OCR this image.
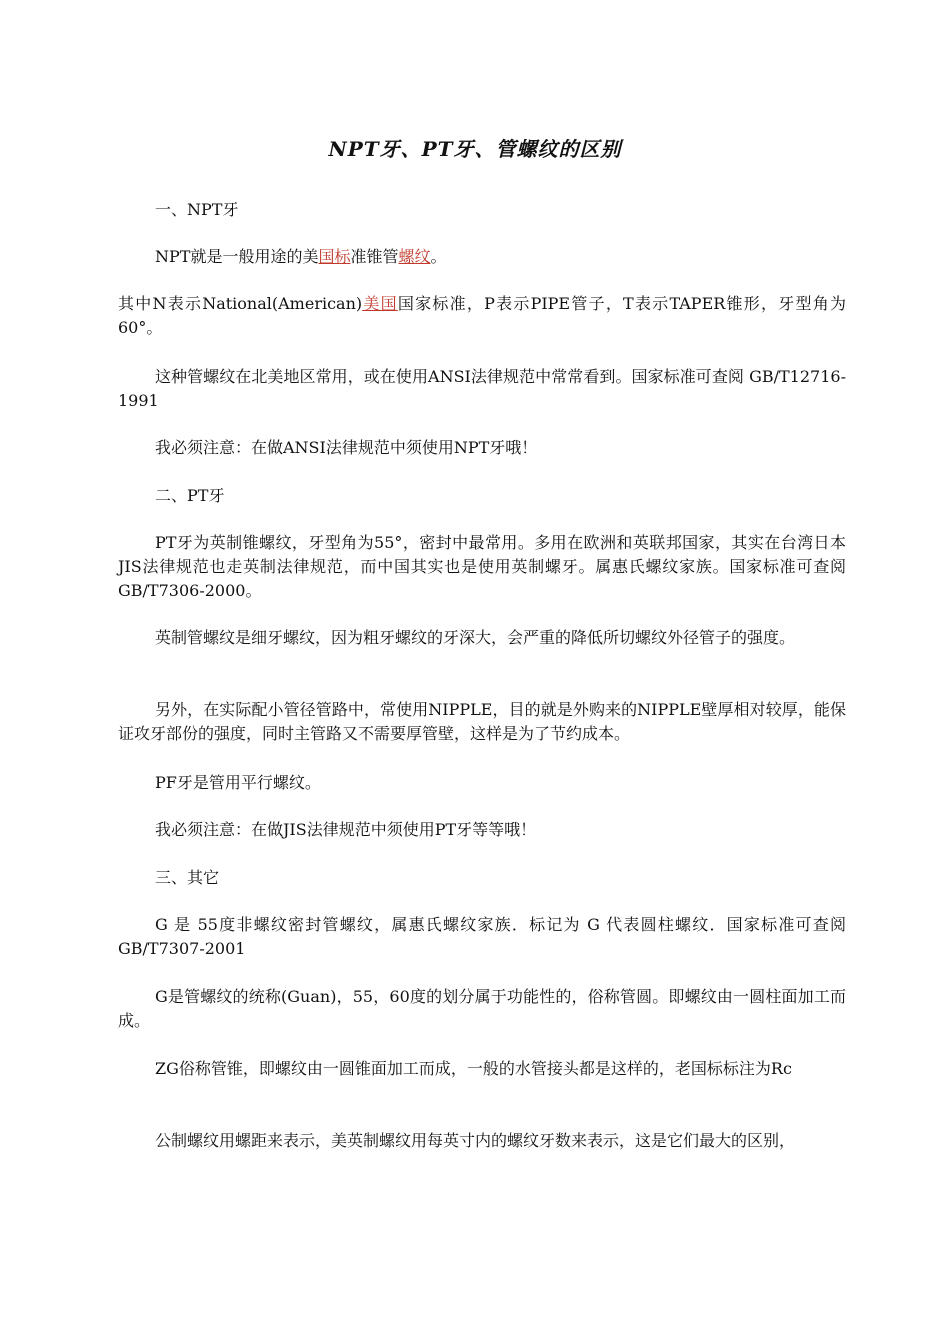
NPT牙、PT牙、管螺纹的区别
一、NPT牙
NPT就是一般用途的美国标准锥管螺纹。
其中N表示National(American)美国国家标准，P表示PIPE管子，T表示TAPER锥形，牙型角为60°。
这种管螺纹在北美地区常用，或在使用ANSI法律规范中常常看到。国家标准可查阅 GB/T12716-1991
我必须注意：在做ANSI法律规范中须使用NPT牙哦！
二、PT牙
PT牙为英制锥螺纹，牙型角为55°，密封中最常用。多用在欧洲和英联邦国家，其实在台湾日本JIS法律规范也走英制法律规范，而中国其实也是使用英制螺牙。属惠氏螺纹家族。国家标准可查阅GB/T7306-2000。
英制管螺纹是细牙螺纹，因为粗牙螺纹的牙深大，会严重的降低所切螺纹外径管子的强度。
另外，在实际配小管径管路中，常使用NIPPLE，目的就是外购来的NIPPLE壁厚相对较厚，能保证攻牙部份的强度，同时主管路又不需要厚管壁，这样是为了节约成本。
PF牙是管用平行螺纹。
我必须注意：在做JIS法律规范中须使用PT牙等等哦！
三、其它
G 是 55度非螺纹密封管螺纹，属惠氏螺纹家族．标记为 G 代表圆柱螺纹．国家标准可查阅 GB/T7307-2001
G是管螺纹的统称(Guan)，55，60度的划分属于功能性的，俗称管圆。即螺纹由一圆柱面加工而成。
ZG俗称管锥，即螺纹由一圆锥面加工而成，一般的水管接头都是这样的，老国标标注为Rc
公制螺纹用螺距来表示，美英制螺纹用每英寸内的螺纹牙数来表示，这是它们最大的区别，
